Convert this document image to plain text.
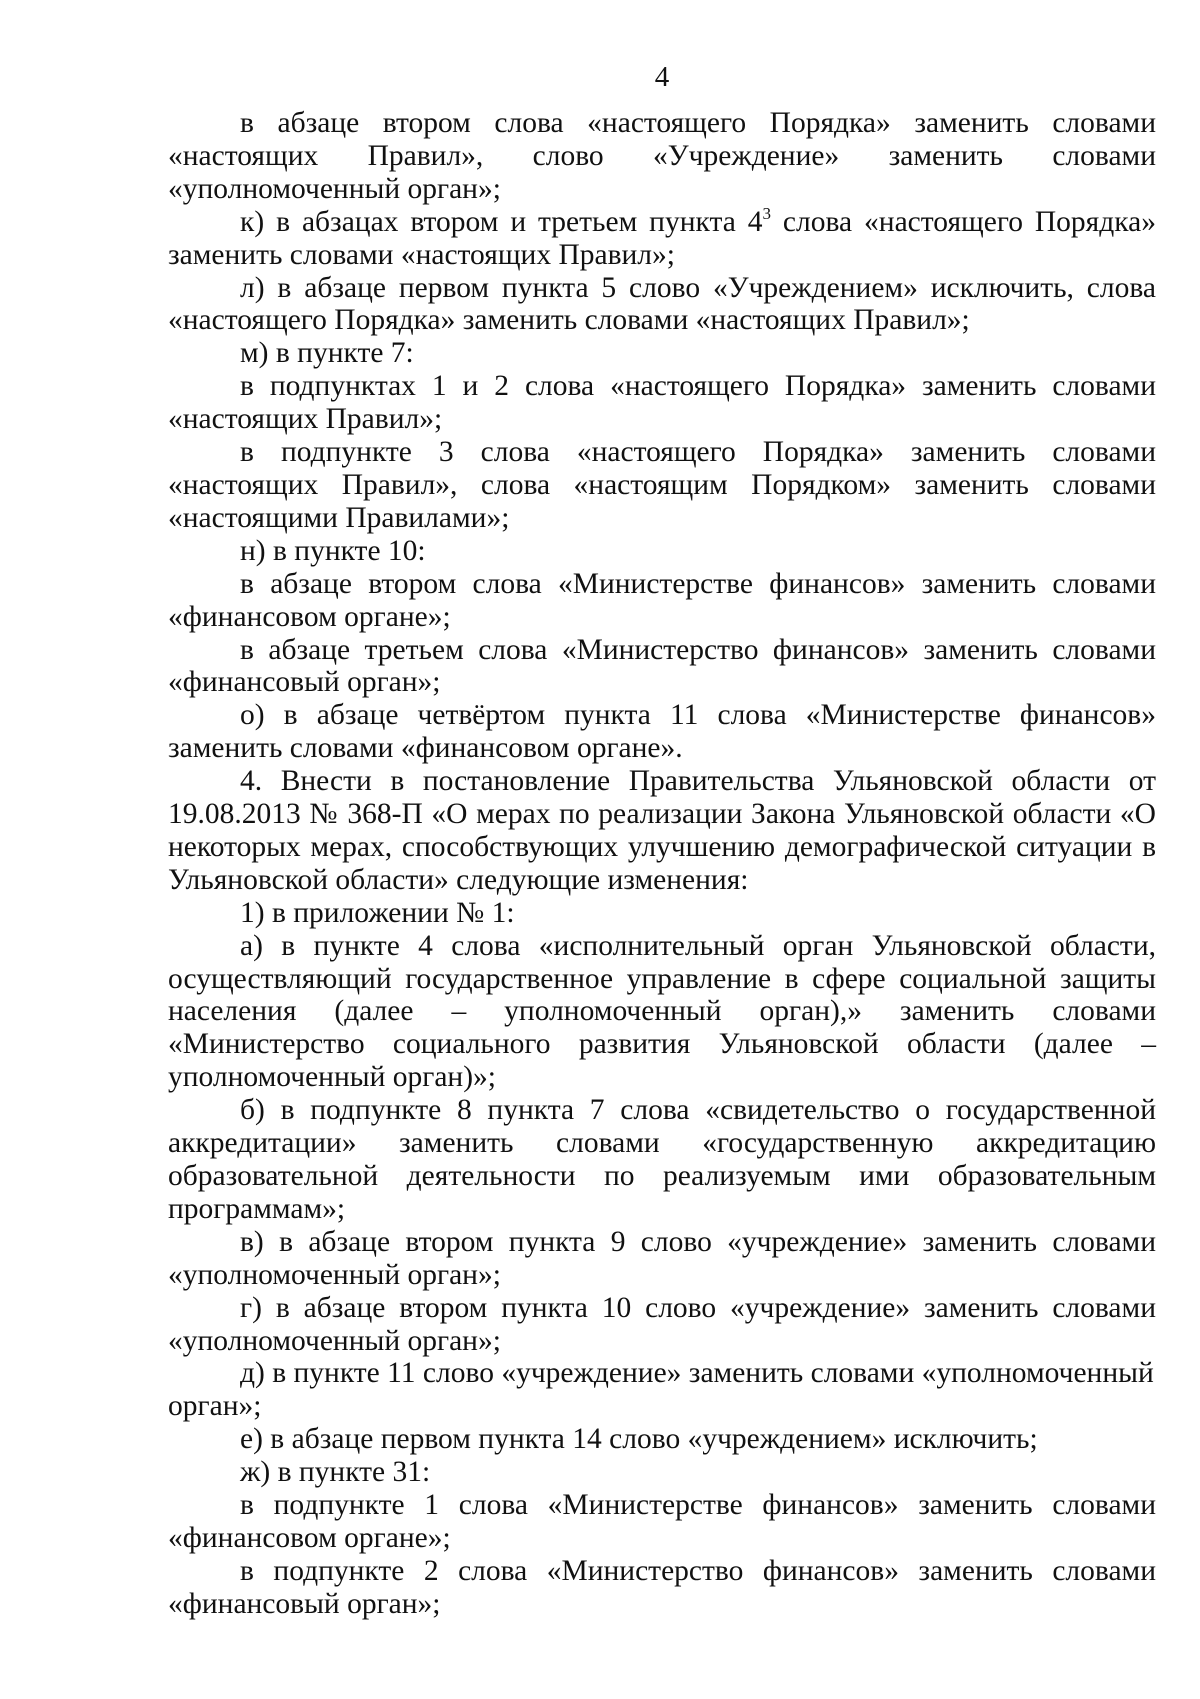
4

в абзаце втором слова «настоящего Порядка» заменить словами «настоящих Правил», слово «Учреждение» заменить словами «уполномоченный орган»;

к) в абзацах втором и третьем пункта $4^3$ слова «настоящего Порядка» заменить словами «настоящих Правил»;

л) в абзаце первом пункта 5 слово «Учреждением» исключить, слова «настоящего Порядка» заменить словами «настоящих Правил»;

м) в пункте 7:

в подпунктах 1 и 2 слова «настоящего Порядка» заменить словами «настоящих Правил»;

в подпункте 3 слова «настоящего Порядка» заменить словами «настоящих Правил», слова «настоящим Порядком» заменить словами «настоящими Правилами»;

н) в пункте 10:

в абзаце втором слова «Министерстве финансов» заменить словами «финансовом органе»;

в абзаце третьем слова «Министерство финансов» заменить словами «финансовый орган»;

о) в абзаце четвёртом пункта 11 слова «Министерстве финансов» заменить словами «финансовом органе».

4. Внести в постановление Правительства Ульяновской области от 19.08.2013 № 368-П «О мерах по реализации Закона Ульяновской области «О некоторых мерах, способствующих улучшению демографической ситуации в Ульяновской области» следующие изменения:

1) в приложении № 1:

а) в пункте 4 слова «исполнительный орган Ульяновской области, осуществляющий государственное управление в сфере социальной защиты населения (далее – уполномоченный орган),» заменить словами «Министерство социального развития Ульяновской области (далее – уполномоченный орган)»;

б) в подпункте 8 пункта 7 слова «свидетельство о государственной аккредитации» заменить словами «государственную аккредитацию образовательной деятельности по реализуемым ими образовательным программам»;

в) в абзаце втором пункта 9 слово «учреждение» заменить словами «уполномоченный орган»;

г) в абзаце втором пункта 10 слово «учреждение» заменить словами «уполномоченный орган»;

д) в пункте 11 слово «учреждение» заменить словами «уполномоченный орган»;

е) в абзаце первом пункта 14 слово «учреждением» исключить;

ж) в пункте 31:

в подпункте 1 слова «Министерстве финансов» заменить словами «финансовом органе»;

в подпункте 2 слова «Министерство финансов» заменить словами «финансовый орган»;
